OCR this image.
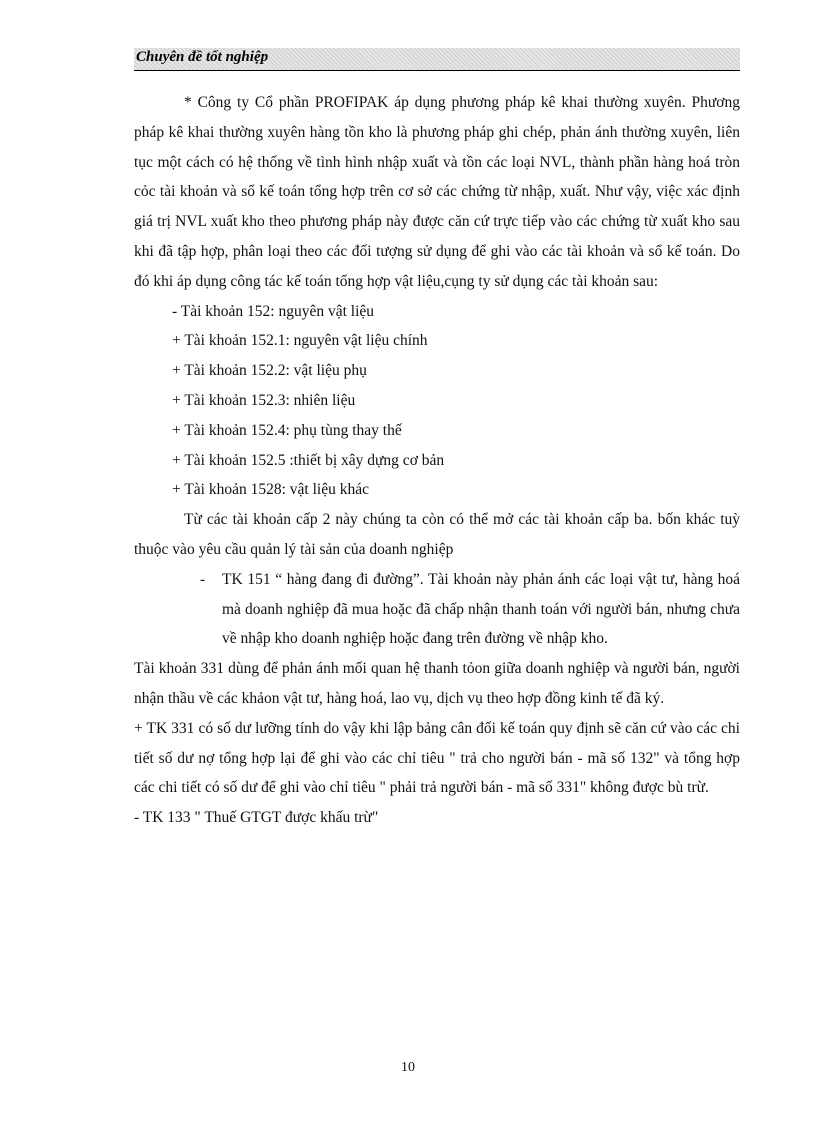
Chuyên đề tốt nghiệp

* Công ty Cổ phần PROFIPAK áp dụng phương pháp kê khai thường xuyên. Phương pháp kê khai thường xuyên hàng tồn kho là phương pháp ghi chép, phản ánh thường xuyên, liên tục một cách có hệ thống về tình hình nhập xuất và tồn các loại NVL, thành phần hàng hoá tròn cỏc tài khoản và sổ kế toán tổng hợp trên cơ sở các chứng từ nhập, xuất. Như vậy, việc xác định giá trị NVL xuất kho theo phương pháp này được căn cứ trực tiếp vào các chứng từ xuất kho sau khi đã tập hợp, phân loại theo các đối tượng sử dụng để ghi vào các tài khoản và sổ kế toán. Do đó khi áp dụng công tác kế toán tổng hợp vật liệu,cụng ty sử dụng các tài khoản sau:

- Tài khoản 152: nguyên vật liệu

+ Tài khoản 152.1: nguyên vật liệu chính

+ Tài khoản 152.2: vật liệu phụ

+ Tài khoản 152.3: nhiên liệu

+ Tài khoản 152.4: phụ tùng thay thế

+ Tài khoản 152.5 :thiết bị xây dựng cơ bản

+ Tài khoản 1528: vật liệu khác

Từ các tài khoản cấp 2 này chúng ta còn có thể mở các tài khoản cấp ba. bốn khác tuỳ thuộc vào yêu cầu quản lý tài sản của doanh nghiệp

- TK 151 “ hàng đang đi đường”. Tài khoản này phản ánh các loại vật tư, hàng hoá mà doanh nghiệp đã mua hoặc đã chấp nhận thanh toán với người bán, nhưng chưa về nhập kho doanh nghiệp hoặc đang trên đường về nhập kho.

Tài khoản 331 dùng để phản ánh mối quan hệ thanh tỏon giữa doanh nghiệp và người bán, người nhận thầu về các khảon vật tư, hàng hoá, lao vụ, dịch vụ theo hợp đồng kinh tế đã ký.

+ TK 331 có số dư lưỡng tính do vậy khi lập bảng cân đối kế toán quy định sẽ căn cứ vào các chi tiết số dư nợ tổng hợp lại để ghi vào các chỉ tiêu " trả cho người bán - mã số 132" và tổng hợp các chi tiết có số dư để ghi vào chỉ tiêu " phải trả người bán - mã số 331" không được bù trừ.

- TK 133 " Thuế GTGT được khấu trừ"

10
